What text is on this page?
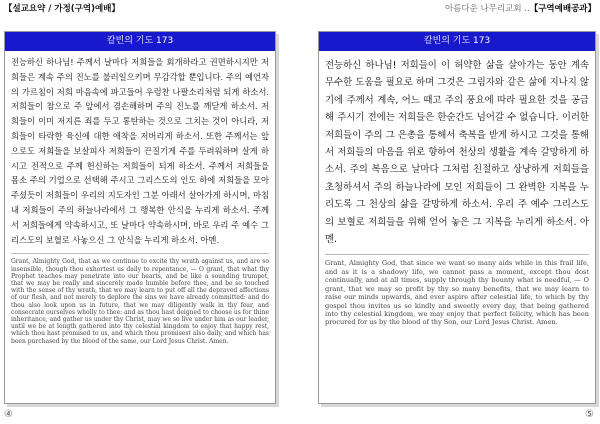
【설교요약 / 가정(구역)예배】	아름다운 나무리교회 ..【구역예배공과】
칼빈의 기도 173
전능하신 하나님! 주께서 날마다 저희들을 회개하라고 권면하시지만 저희들은 계속 주의 진노를 불러일으키며 무감각할 뿐입니다. 주의 예언자의 가르침이 저희 마음속에 파고들어 우렁찬 나팔소리처럼 되게 하소서. 저희들이 참으로 주 앞에서 겸손해하며 주의 진노를 깨닫게 하소서. 저희들이 이미 저지른 죄를 두고 통탄하는 것으로 그치는 것이 아니라, 저희들이 타락한 육신에 대한 애착을 저버리게 하소서. 또한 주께서는 앞으로도 저희들을 보살피사 저희들이 끈질기게 주를 두려워하며 살게 하시고 전적으로 주께 헌신하는 저희들이 되게 하소서. 주께서 저희들을 몸소 주의 기업으로 선택해 주시고 그리스도의 인도 하에 저희들을 모아주셨듯이 저희들이 우리의 지도자인 그분 아래서 살아가게 하시며, 마침내 저희들이 주의 하늘나라에서 그 행복한 안식을 누리게 하소서. 주께서 저희들에게 약속하시고, 또 날마다 약속하시며, 바로 우리 주 예수 그리스도의 보혈로 사놓으신 그 안식을 누리게 하소서. 아멘.
Grant, Almighty God, that as we continue to excite thy wrath against us, and are so insensible, though thou exhortest us daily to repentance, — O grant, that what thy Prophet teaches may penetrate into our hearts, and be like a sounding trumpet, that we may be really and sincerely made humble before thee, and be so touched with the sense of thy wrath, that we may learn to put off all the depraved affections of our flesh, and not merely to deplore the sins we have already committed: and do thou also look upon us in future, that we may diligently walk in thy fear, and consecrate ourselves wholly to thee: and as thou hast deigned to choose us for thine inheritance, and gather us under thy Christ, may we so live under him as our leader, until we be at length gathered into thy celestial kingdom to enjoy that happy rest, which thou hast promised to us, and which thou promisest also daily, and which has been purchased by the blood of the same, our Lord Jesus Christ. Amen.
칼빈의 기도 173
전능하신 하나님! 저희들이 이 허약한 삶을 살아가는 동안 계속 무수한 도움을 필요로 하며 그것은 그림자와 같은 삶에 지나지 않기에 주께서 계속, 어느 때고 주의 풍요에 따라 필요한 것을 공급해 주시기 전에는 저희들은 한순간도 넘어갈 수 없습니다. 이러한 저희들이 주의 그 은총을 통해서 축복을 받게 하시고 그것을 통해서 저희들의 마음을 위로 향하여 천상의 생활을 계속 갈망하게 하소서. 주의 복음으로 날마다 그처럼 친절하고 상냥하게 저희들을 초청하셔서 주의 하늘나라에 모인 저희들이 그 완벽한 지복을 누리도록 그 천상의 삶을 갈망하게 하소서. 우리 주 예수 그리스도의 보혈로 저희들을 위해 얻어 놓은 그 지복을 누리게 하소서. 아멘.
Grant, Almighty God, that since we want so many aids while in this frail life, and as it is a shadowy life, we cannot pass a moment, except thou dost continually, and at all times, supply through thy bounty what is needful, — O grant, that we may so profit by thy so many benefits, that we may learn to raise our minds upwards, and ever aspire after celestial life, to which by thy gospel thou invites us so kindly and sweetly every day, that being gathered into thy celestial kingdom, we may enjoy that perfect felicity, which has been procured for us by the blood of thy Son, our Lord Jesus Christ. Amen.
④	⑤
